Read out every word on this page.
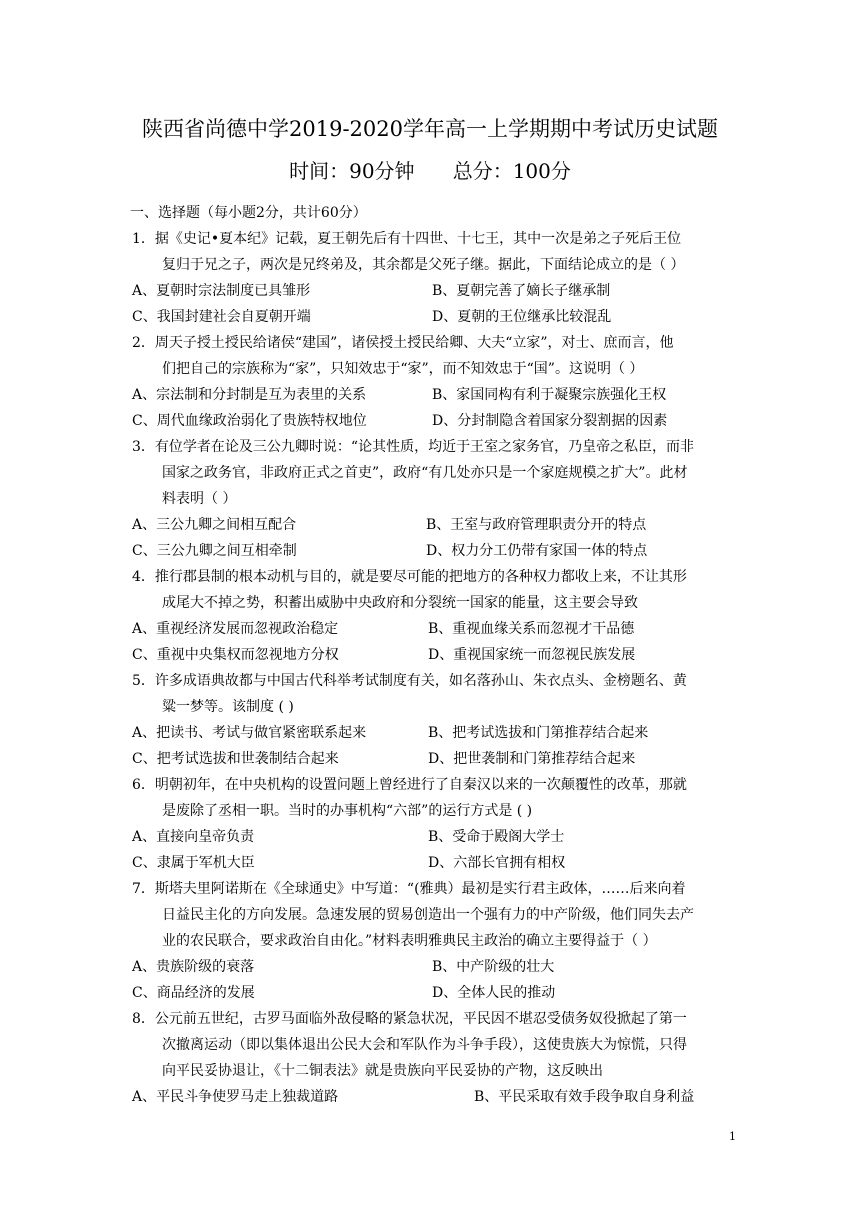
陕西省尚德中学2019-2020学年高一上学期期中考试历史试题
时间：90分钟      总分：100分
一、选择题（每小题2分，共计60分）
1．据《史记•夏本纪》记载，夏王朝先后有十四世、十七王，其中一次是弟之子死后王位
复归于兄之子，两次是兄终弟及，其余都是父死子继。据此，下面结论成立的是（ ）
A、夏朝时宗法制度已具雏形	B、夏朝完善了嫡长子继承制
C、我国封建社会自夏朝开端	D、夏朝的王位继承比较混乱
2．周天子授土授民给诸侯“建国”，诸侯授土授民给卿、大夫“立家”，对士、庶而言，他
们把自己的宗族称为“家”，只知效忠于“家”，而不知效忠于“国”。这说明（ ）
A、宗法制和分封制是互为表里的关系	B、家国同构有利于凝聚宗族强化王权
C、周代血缘政治弱化了贵族特权地位	D、分封制隐含着国家分裂割据的因素
3．有位学者在论及三公九卿时说：“论其性质，均近于王室之家务官，乃皇帝之私臣，而非
国家之政务官，非政府正式之首吏”，政府“有几处亦只是一个家庭规模之扩大”。此材
料表明（ ）
A、三公九卿之间相互配合	B、王室与政府管理职责分开的特点
C、三公九卿之间互相牵制	D、权力分工仍带有家国一体的特点
4．推行郡县制的根本动机与目的，就是要尽可能的把地方的各种权力都收上来，不让其形
成尾大不掉之势，积蓄出威胁中央政府和分裂统一国家的能量，这主要会导致
A、重视经济发展而忽视政治稳定	B、重视血缘关系而忽视才干品德
C、重视中央集权而忽视地方分权	D、重视国家统一而忽视民族发展
5．许多成语典故都与中国古代科举考试制度有关，如名落孙山、朱衣点头、金榜题名、黄
粱一梦等。该制度 ( )
A、把读书、考试与做官紧密联系起来	B、把考试选拔和门第推荐结合起来
C、把考试选拔和世袭制结合起来	D、把世袭制和门第推荐结合起来
6．明朝初年，在中央机构的设置问题上曾经进行了自秦汉以来的一次颠覆性的改革，那就
是废除了丞相一职。当时的办事机构“六部”的运行方式是 ( )
A、直接向皇帝负责	B、受命于殿阁大学士
C、隶属于军机大臣	D、六部长官拥有相权
7．斯塔夫里阿诺斯在《全球通史》中写道：“(雅典）最初是实行君主政体，……后来向着
日益民主化的方向发展。急速发展的贸易创造出一个强有力的中产阶级，他们同失去产
业的农民联合，要求政治自由化。”材料表明雅典民主政治的确立主要得益于（ ）
A、贵族阶级的衰落	B、中产阶级的壮大
C、商品经济的发展	D、全体人民的推动
8．公元前五世纪，古罗马面临外敌侵略的紧急状况，平民因不堪忍受债务奴役掀起了第一
次撤离运动（即以集体退出公民大会和军队作为斗争手段），这使贵族大为惊慌，只得
向平民妥协退让，《十二铜表法》就是贵族向平民妥协的产物，这反映出
A、平民斗争使罗马走上独裁道路	B、平民采取有效手段争取自身利益
1
